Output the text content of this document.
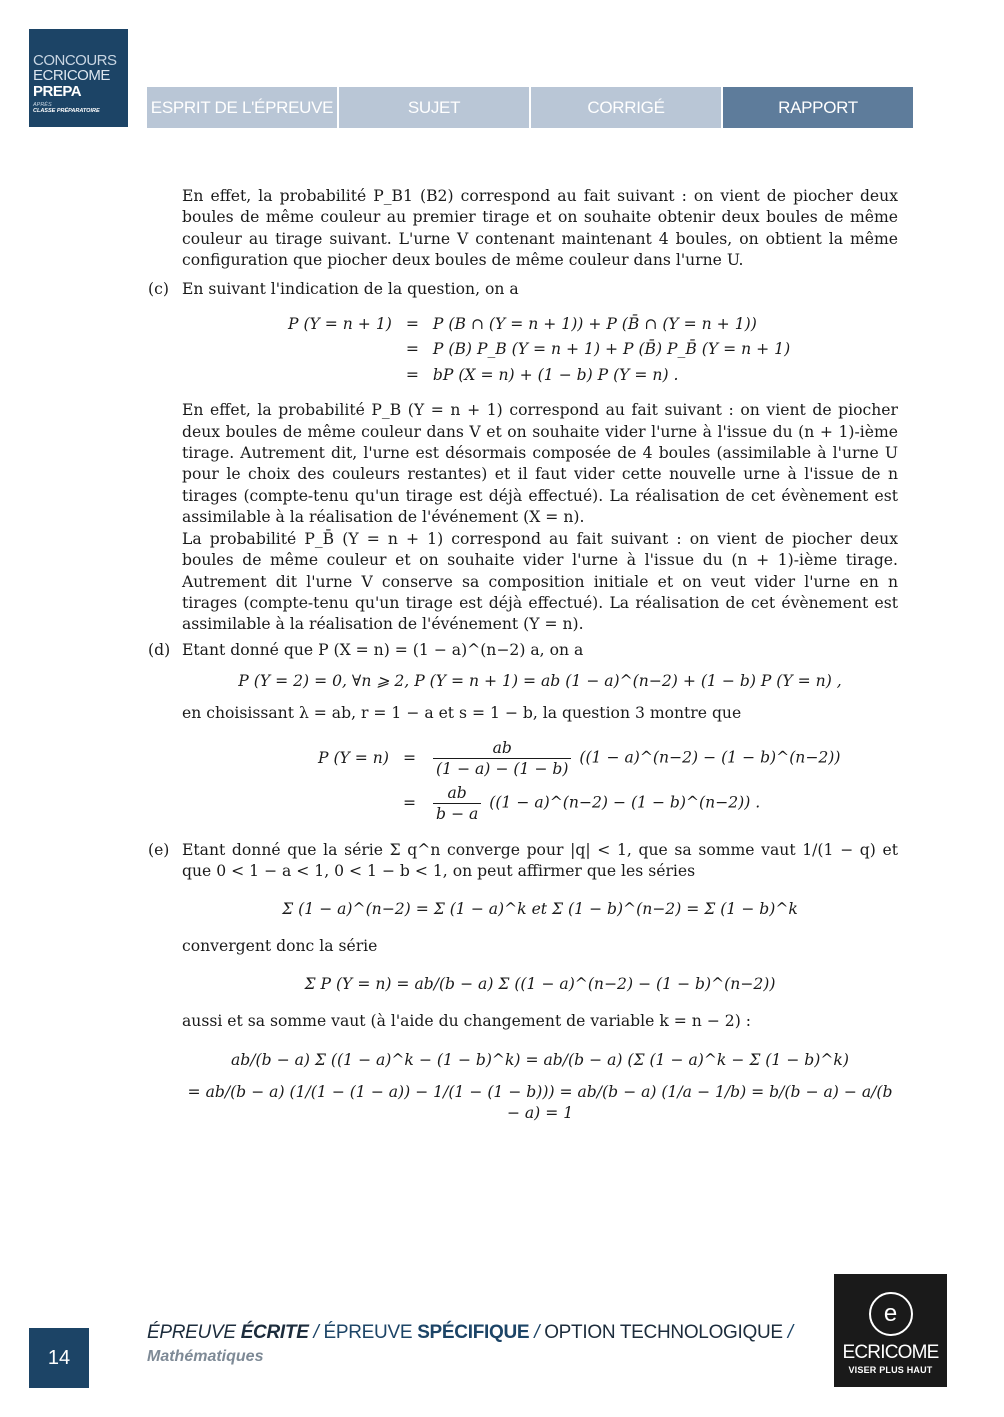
CONCOURS
ECRICOME
PREPA
APRÈS
CLASSE PRÉPARATOIRE	ESPRIT DE L'ÉPREUVE	SUJET	CORRIGÉ	RAPPORT

En effet, la probabilité P_B1 (B2) correspond au fait suivant : on vient de piocher deux boules de même couleur au premier tirage et on souhaite obtenir deux boules de même couleur au tirage suivant. L'urne V contenant maintenant 4 boules, on obtient la même configuration que piocher deux boules de même couleur dans l'urne U.

(c) En suivant l'indication de la question, on a
P (Y = n + 1)	=	P (B ∩ (Y = n + 1)) + P (B̄ ∩ (Y = n + 1))
	=	P (B) P_B (Y = n + 1) + P (B̄) P_B̄ (Y = n + 1)
	=	bP (X = n) + (1 − b) P (Y = n) .

En effet, la probabilité P_B (Y = n + 1) correspond au fait suivant : on vient de piocher deux boules de même couleur dans V et on souhaite vider l'urne à l'issue du (n + 1)-ième tirage. Autrement dit, l'urne est désormais composée de 4 boules (assimilable à l'urne U pour le choix des couleurs restantes) et il faut vider cette nouvelle urne à l'issue de n tirages (compte-tenu qu'un tirage est déjà effectué). La réalisation de cet évènement est assimilable à la réalisation de l'événement (X = n).

La probabilité P_B̄ (Y = n + 1) correspond au fait suivant : on vient de piocher deux boules de même couleur et on souhaite vider l'urne à l'issue du (n + 1)-ième tirage. Autrement dit l'urne V conserve sa composition initiale et on veut vider l'urne en n tirages (compte-tenu qu'un tirage est déjà effectué). La réalisation de cet évènement est assimilable à la réalisation de l'événement (Y = n).

(d) Etant donné que P (X = n) = (1 − a)^(n−2) a, on a
P (Y = 2) = 0, ∀n ⩾ 2, P (Y = n + 1) = ab (1 − a)^(n−2) + (1 − b) P (Y = n) ,

en choisissant λ = ab, r = 1 − a et s = 1 − b, la question 3 montre que

P (Y = n)	=	$\frac{ab}{(1 - a) - (1 - b)} ((1$ − a)^(n−2) − (1 − b)^(n−2))
	=	$\frac{ab}{b - a} ((1$ − a)^(n−2) − (1 − b)^(n−2)) .
(e) Etant donné que la série Σ q^n converge pour |q| < 1, que sa somme vaut 1/(1 − q) et que 0 < 1 − a < 1, 0 < 1 − b < 1, on peut affirmer que les séries
Σ (1 − a)^(n−2) = Σ (1 − a)^k et Σ (1 − b)^(n−2) = Σ (1 − b)^k

convergent donc la série

Σ P (Y = n) = ab/(b − a) Σ ((1 − a)^(n−2) − (1 − b)^(n−2))

aussi et sa somme vaut (à l'aide du changement de variable k = n − 2) :

ab/(b − a) Σ ((1 − a)^k − (1 − b)^k) = ab/(b − a) (Σ (1 − a)^k − Σ (1 − b)^k)
= ab/(b − a) (1/(1 − (1 − a)) − 1/(1 − (1 − b))) = ab/(b − a) (1/a − 1/b) = b/(b − a) − a/(b − a) = 1
14
ÉPREUVE ÉCRITE / ÉPREUVE SPÉCIFIQUE / OPTION TECHNOLOGIQUE /
Mathématiques
e
ECRICOME
VISER PLUS HAUT
